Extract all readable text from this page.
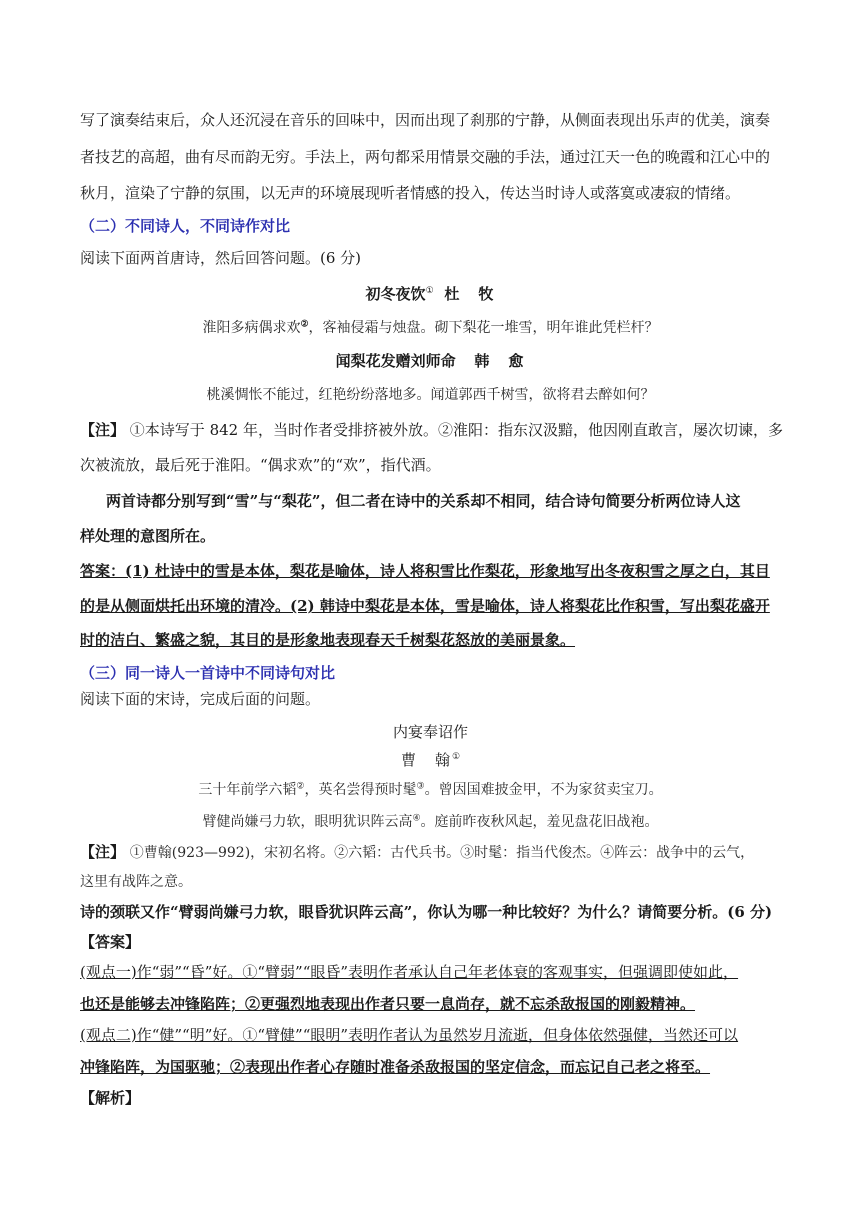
写了演奏结束后，众人还沉浸在音乐的回味中，因而出现了刹那的宁静，从侧面表现出乐声的优美，演奏
者技艺的高超，曲有尽而韵无穷。手法上，两句都采用情景交融的手法，通过江天一色的晚霞和江心中的
秋月，渲染了宁静的氛围，以无声的环境展现听者情感的投入，传达当时诗人或落寞或凄寂的情绪。
（二）不同诗人，不同诗作对比
阅读下面两首唐诗，然后回答问题。(6 分)
初冬夜饮① 杜　牧
淮阳多病偶求欢②，客袖侵霜与烛盘。砌下梨花一堆雪，明年谁此凭栏杆？
闻梨花发赠刘师命 韩　愈
桃溪惆怅不能过，红艳纷纷落地多。闻道郭西千树雪，欲将君去醉如何？
【注】 ①本诗写于 842 年，当时作者受排挤被外放。②淮阳：指东汉汲黯，他因刚直敢言，屡次切谏，多
次被流放，最后死于淮阳。“偶求欢”的“欢”，指代酒。
两首诗都分别写到“雪”与“梨花”，但二者在诗中的关系却不相同，结合诗句简要分析两位诗人这
样处理的意图所在。
答案：(1) 杜诗中的雪是本体，梨花是喻体，诗人将积雪比作梨花，形象地写出冬夜积雪之厚之白，其目
的是从侧面烘托出环境的清冷。(2) 韩诗中梨花是本体，雪是喻体，诗人将梨花比作积雪，写出梨花盛开
时的洁白、繁盛之貌，其目的是形象地表现春天千树梨花怒放的美丽景象。
（三）同一诗人一首诗中不同诗句对比
阅读下面的宋诗，完成后面的问题。
内宴奉诏作
曹　翰①
三十年前学六韬②，英名尝得预时髦③。曾因国难披金甲，不为家贫卖宝刀。
臂健尚嫌弓力软，眼明犹识阵云高④。庭前昨夜秋风起，羞见盘花旧战袍。
【注】 ①曹翰(923—992)，宋初名将。②六韬：古代兵书。③时髦：指当代俊杰。④阵云：战争中的云气，
这里有战阵之意。
诗的颈联又作“臂弱尚嫌弓力软，眼昏犹识阵云高”，你认为哪一种比较好？为什么？请简要分析。(6 分)
【答案】
(观点一)作“弱”“昏”好。①“臂弱”“眼昏”表明作者承认自己年老体衰的客观事实，但强调即使如此，
也还是能够去冲锋陷阵；②更强烈地表现出作者只要一息尚存，就不忘杀敌报国的刚毅精神。
(观点二)作“健”“明”好。①“臂健”“眼明”表明作者认为虽然岁月流逝，但身体依然强健，当然还可以
冲锋陷阵，为国驱驰；②表现出作者心存随时准备杀敌报国的坚定信念，而忘记自己老之将至。
【解析】
